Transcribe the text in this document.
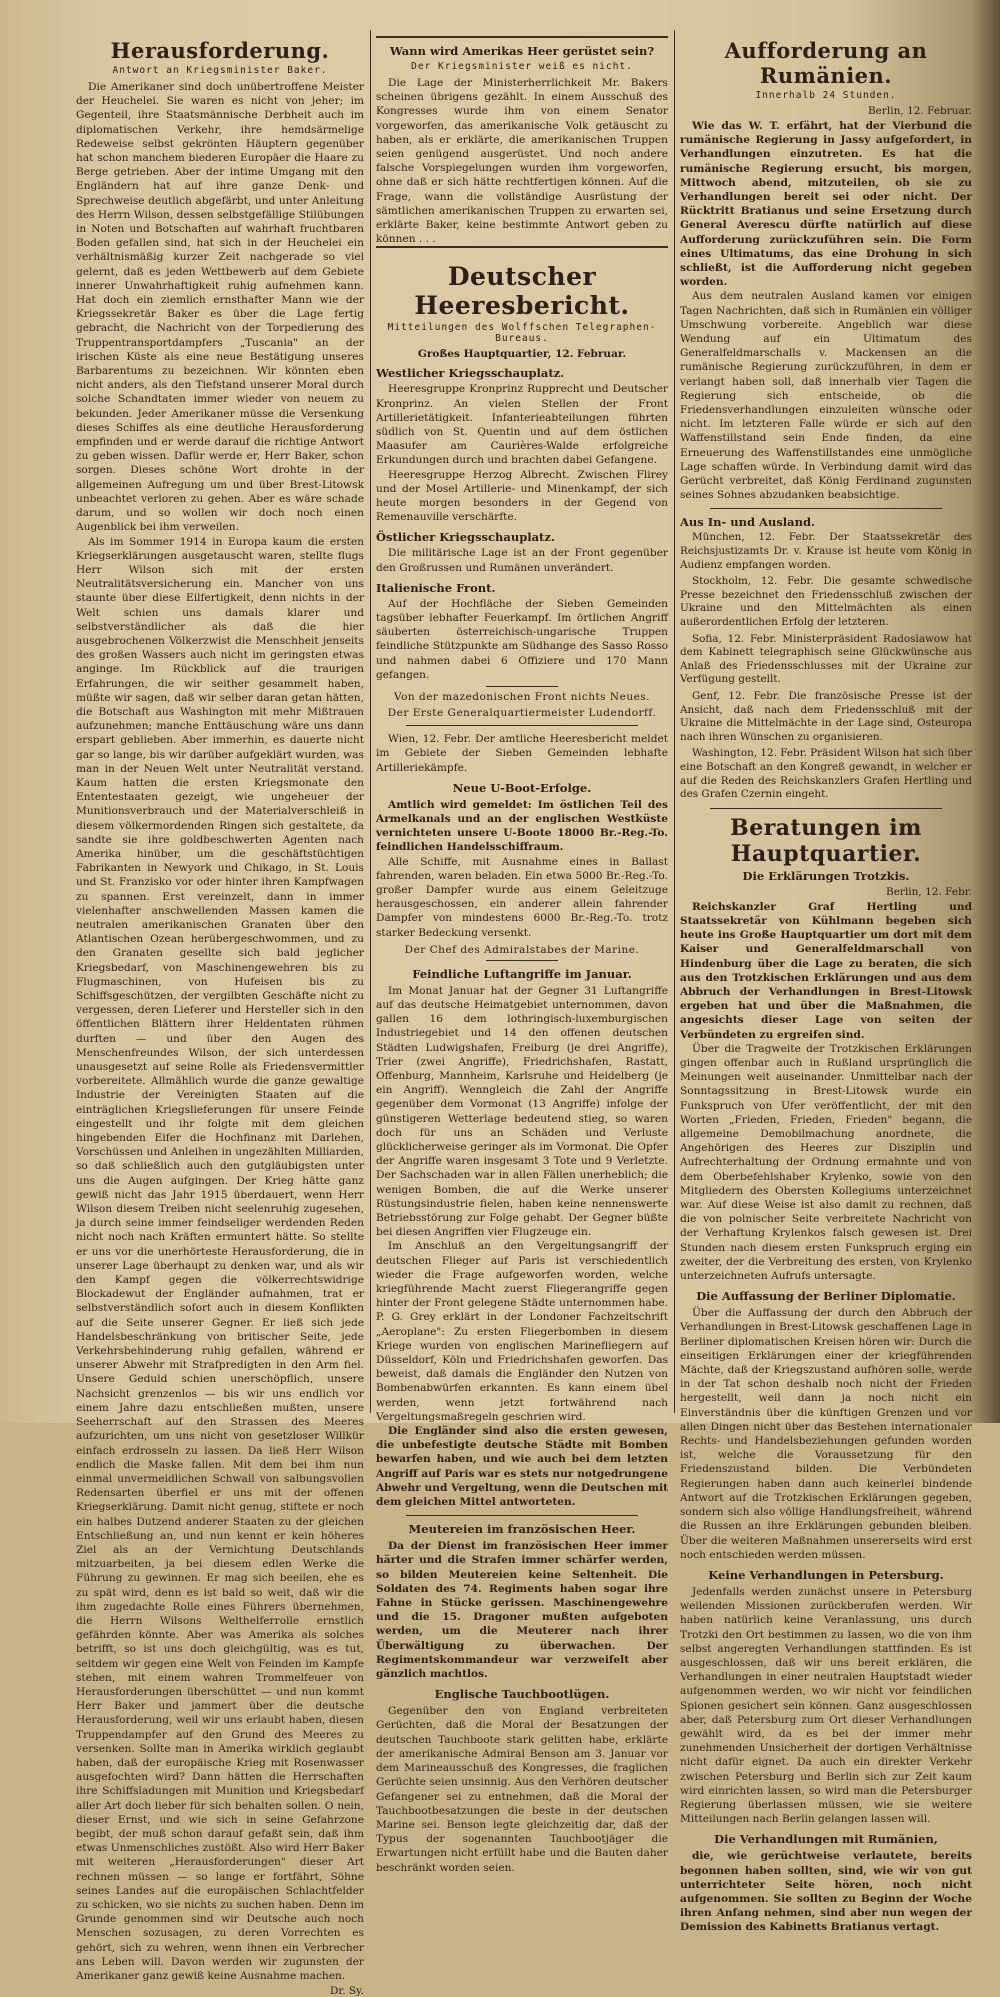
Herausforderung.
Antwort an Kriegsminister Baker.

Die Amerikaner sind doch unübertroffene Meister der Heuchelei. Sie waren es nicht von jeher; im Gegenteil, ihre Staatsmännische Derbheit auch im diplomatischen Verkehr, ihre hemdsärmelige Redeweise selbst gekrönten Häuptern gegenüber hat schon manchem biederen Europäer die Haare zu Berge getrieben. Aber der intime Umgang mit den Engländern hat auf ihre ganze Denk- und Sprechweise deutlich abgefärbt, und unter Anleitung des Herrn Wilson, dessen selbstgefällige Stilübungen in Noten und Botschaften auf wahrhaft fruchtbaren Boden gefallen sind, hat sich in der Heuchelei ein verhältnismäßig kurzer Zeit nachgerade so viel gelernt, daß es jeden Wettbewerb auf dem Gebiete innerer Unwahrhaftigkeit ruhig aufnehmen kann. Hat doch ein ziemlich ernsthafter Mann wie der Kriegssekretär Baker es über die Lage fertig gebracht, die Nachricht von der Torpedierung des Truppentransportdampfers „Tuscania" an der irischen Küste als eine neue Bestätigung unseres Barbarentums zu bezeichnen. Wir könnten eben nicht anders, als den Tiefstand unserer Moral durch solche Schandtaten immer wieder von neuem zu bekunden. Jeder Amerikaner müsse die Versenkung dieses Schiffes als eine deutliche Herausforderung empfinden und er werde darauf die richtige Antwort zu geben wissen. Dafür werde er, Herr Baker, schon sorgen. Dieses schöne Wort drohte in der allgemeinen Aufregung um und über Brest-Litowsk unbeachtet verloren zu gehen. Aber es wäre schade darum, und so wollen wir doch noch einen Augenblick bei ihm verweilen.

Als im Sommer 1914 in Europa kaum die ersten Kriegserklärungen ausgetauscht waren, stellte flugs Herr Wilson sich mit der ersten Neutralitätsversicherung ein. Mancher von uns staunte über diese Eilfertigkeit, denn nichts in der Welt schien uns damals klarer und selbstverständlicher als daß die hier ausgebrochenen Völkerzwist die Menschheit jenseits des großen Wassers auch nicht im geringsten etwas anginge. Im Rückblick auf die traurigen Erfahrungen, die wir seither gesammelt haben, müßte wir sagen, daß wir selber daran getan hätten, die Botschaft aus Washington mit mehr Mißtrauen aufzunehmen; manche Enttäuschung wäre uns dann erspart geblieben. Aber immerhin, es dauerte nicht gar so lange, bis wir darüber aufgeklärt wurden, was man in der Neuen Welt unter Neutralität verstand. Kaum hatten die ersten Kriegsmonate den Ententestaaten gezeigt, wie ungeheuer der Munitionsverbrauch und der Materialverschleiß in diesem völkermordenden Ringen sich gestaltete, da sandte sie ihre goldbeschwerten Agenten nach Amerika hinüber, um die geschäftstüchtigen Fabrikanten in Newyork und Chikago, in St. Louis und St. Franzisko vor oder hinter ihren Kampfwagen zu spannen. Erst vereinzelt, dann in immer vielenhafter anschwellenden Massen kamen die neutralen amerikanischen Granaten über den Atlantischen Ozean herübergeschwommen, und zu den Granaten gesellte sich bald jeglicher Kriegsbedarf, von Maschinengewehren bis zu Flugmaschinen, von Hufeisen bis zu Schiffsgeschützen, der vergilbten Geschäfte nicht zu vergessen, deren Lieferer und Hersteller sich in den öffentlichen Blättern ihrer Heldentaten rühmen durften — und über den Augen des Menschenfreundes Wilson, der sich unterdessen unausgesetzt auf seine Rolle als Friedensvermittler vorbereitete. Allmählich wurde die ganze gewaltige Industrie der Vereinigten Staaten auf die einträglichen Kriegslieferungen für unsere Feinde eingestellt und ihr folgte mit dem gleichen hingebenden Eifer die Hochfinanz mit Darlehen, Vorschüssen und Anleihen in ungezählten Milliarden, so daß schließlich auch den gutgläubigsten unter uns die Augen aufgingen. Der Krieg hätte ganz gewiß nicht das Jahr 1915 überdauert, wenn Herr Wilson diesem Treiben nicht seelenruhig zugesehen, ja durch seine immer feindseliger werdenden Reden nicht noch nach Kräften ermuntert hätte. So stellte er uns vor die unerhörteste Herausforderung, die in unserer Lage überhaupt zu denken war, und als wir den Kampf gegen die völkerrechtswidrige Blockadewut der Engländer aufnahmen, trat er selbstverständlich sofort auch in diesem Konflikten auf die Seite unserer Gegner. Er ließ sich jede Handelsbeschränkung von britischer Seite, jede Verkehrsbehinderung ruhig gefallen, während er unserer Abwehr mit Strafpredigten in den Arm fiel. Unsere Geduld schien unerschöpflich, unsere Nachsicht grenzenlos — bis wir uns endlich vor einem Jahre dazu entschließen mußten, unsere Seeherrschaft auf den Strassen des Meeres aufzurichten, um uns nicht von gesetzloser Willkür einfach erdrosseln zu lassen. Da ließ Herr Wilson endlich die Maske fallen. Mit dem bei ihm nun einmal unvermeidlichen Schwall von salbungsvollen Redensarten überfiel er uns mit der offenen Kriegserklärung. Damit nicht genug, stiftete er noch ein halbes Dutzend anderer Staaten zu der gleichen Entschließung an, und nun kennt er kein höheres Ziel als an der Vernichtung Deutschlands mitzuarbeiten, ja bei diesem edlen Werke die Führung zu gewinnen. Er mag sich beeilen, ehe es zu spät wird, denn es ist bald so weit, daß wir die ihm zugedachte Rolle eines Führers übernehmen, die Herrn Wilsons Welthelferrolle ernstlich gefährden könnte. Aber was Amerika als solches betrifft, so ist uns doch gleichgültig, was es tut, seitdem wir gegen eine Welt von Feinden im Kampfe stehen, mit einem wahren Trommelfeuer von Herausforderungen überschüttet — und nun kommt Herr Baker und jammert über die deutsche Herausforderung, weil wir uns erlaubt haben, diesen Truppendampfer auf den Grund des Meeres zu versenken. Sollte man in Amerika wirklich geglaubt haben, daß der europäische Krieg mit Rosenwasser ausgefochten wird? Dann hätten die Herrschaften ihre Schiffsladungen mit Munition und Kriegsbedarf aller Art doch lieber für sich behalten sollen. O nein, dieser Ernst, und wie sich in seine Gefahrzone begibt, der muß schon darauf gefaßt sein, daß ihm etwas Unmenschliches zustößt. Also wird Herr Baker mit weiteren „Herausforderungen" dieser Art rechnen müssen — so lange er fortfährt, Söhne seines Landes auf die europäischen Schlachtfelder zu schicken, wo sie nichts zu suchen haben. Denn im Grunde genommen sind wir Deutsche auch noch Menschen sozusagen, zu deren Vorrechten es gehört, sich zu wehren, wenn ihnen ein Verbrecher ans Leben will. Davon werden wir zugunsten der Amerikaner ganz gewiß keine Ausnahme machen.

Dr. Sy.
Wann wird Amerikas Heer gerüstet sein?
Der Kriegsminister weiß es nicht.

Die Lage der Ministerherrlichkeit Mr. Bakers scheinen übrigens gezählt. In einem Ausschuß des Kongresses wurde ihm von einem Senator vorgeworfen, das amerikanische Volk getäuscht zu haben, als er erklärte, die amerikanischen Truppen seien genügend ausgerüstet. Und noch andere falsche Vorspiegelungen wurden ihm vorgeworfen, ohne daß er sich hätte rechtfertigen können. Auf die Frage, wann die vollständige Ausrüstung der sämtlichen amerikanischen Truppen zu erwarten sei, erklärte Baker, keine bestimmte Antwort geben zu können . . .

Deutscher Heeresbericht.
Mitteilungen des Wolffschen Telegraphen-Bureaus.
Großes Hauptquartier, 12. Februar.
Westlicher Kriegsschauplatz.

Heeresgruppe Kronprinz Rupprecht und Deutscher Kronprinz. An vielen Stellen der Front Artillerietätigkeit. Infanterieabteilungen führten südlich von St. Quentin und auf dem östlichen Maasufer am Caurières-Walde erfolgreiche Erkundungen durch und brachten dabei Gefangene.

Heeresgruppe Herzog Albrecht. Zwischen Flirey und der Mosel Artillerie- und Minenkampf, der sich heute morgen besonders in der Gegend von Remenauville verschärfte.

Östlicher Kriegsschauplatz.

Die militärische Lage ist an der Front gegenüber den Großrussen und Rumänen unverändert.

Italienische Front.

Auf der Hochfläche der Sieben Gemeinden tagsüber lebhafter Feuerkampf. Im örtlichen Angriff säuberten österreichisch-ungarische Truppen feindliche Stützpunkte am Südhange des Sasso Rosso und nahmen dabei 6 Offiziere und 170 Mann gefangen.

Von der mazedonischen Front nichts Neues.
Der Erste Generalquartiermeister Ludendorff.

Wien, 12. Febr. Der amtliche Heeresbericht meldet im Gebiete der Sieben Gemeinden lebhafte Artilleriekämpfe.

Neue U-Boot-Erfolge.

Amtlich wird gemeldet: Im östlichen Teil des Armelkanals und an der englischen Westküste vernichteten unsere U-Boote 18000 Br.-Reg.-To. feindlichen Handelsschiffraum.

Alle Schiffe, mit Ausnahme eines in Ballast fahrenden, waren beladen. Ein etwa 5000 Br.-Reg.-To. großer Dampfer wurde aus einem Geleitzuge herausgeschossen, ein anderer allein fahrender Dampfer von mindestens 6000 Br.-Reg.-To. trotz starker Bedeckung versenkt.

Der Chef des Admiralstabes der Marine.
Feindliche Luftangriffe im Januar.

Im Monat Januar hat der Gegner 31 Luftangriffe auf das deutsche Heimatgebiet unternommen, davon gallen 16 dem lothringisch-luxemburgischen Industriegebiet und 14 den offenen deutschen Städten Ludwigshafen, Freiburg (je drei Angriffe), Trier (zwei Angriffe), Friedrichshafen, Rastatt, Offenburg, Mannheim, Karlsruhe und Heidelberg (je ein Angriff). Wenngleich die Zahl der Angriffe gegenüber dem Vormonat (13 Angriffe) infolge der günstigeren Wetterlage bedeutend stieg, so waren doch für uns an Schäden und Verluste glücklicherweise geringer als im Vormonat. Die Opfer der Angriffe waren insgesamt 3 Tote und 9 Verletzte. Der Sachschaden war in allen Fällen unerheblich; die wenigen Bomben, die auf die Werke unserer Rüstungsindustrie fielen, haben keine nennenswerte Betriebsstörung zur Folge gehabt. Der Gegner büßte bei diesen Angriffen vier Flugzeuge ein.

Im Anschluß an den Vergeltungsangriff der deutschen Flieger auf Paris ist verschiedentlich wieder die Frage aufgeworfen worden, welche kriegführende Macht zuerst Fliegerangriffe gegen hinter der Front gelegene Städte unternommen habe. P. G. Grey erklärt in der Londoner Fachzeitschrift „Aeroplane": Zu ersten Fliegerbomben in diesem Kriege wurden von englischen Marinefliegern auf Düsseldorf, Köln und Friedrichshafen geworfen. Das beweist, daß damals die Engländer den Nutzen von Bombenabwürfen erkannten. Es kann einem übel werden, wenn jetzt fortwährend nach Vergeltungsmaßregeln geschrien wird.

Die Engländer sind also die ersten gewesen, die unbefestigte deutsche Städte mit Bomben bewarfen haben, und wie auch bei dem letzten Angriff auf Paris war es stets nur notgedrungene Abwehr und Vergeltung, wenn die Deutschen mit dem gleichen Mittel antworteten.

Meutereien im französischen Heer.

Da der Dienst im französischen Heer immer härter und die Strafen immer schärfer werden, so bilden Meutereien keine Seltenheit. Die Soldaten des 74. Regiments haben sogar ihre Fahne in Stücke gerissen. Maschinengewehre und die 15. Dragoner mußten aufgeboten werden, um die Meuterer nach ihrer Überwältigung zu überwachen. Der Regimentskommandeur war verzweifelt aber gänzlich machtlos.

Englische Tauchbootlügen.

Gegenüber den von England verbreiteten Gerüchten, daß die Moral der Besatzungen der deutschen Tauchboote stark gelitten habe, erklärte der amerikanische Admiral Benson am 3. Januar vor dem Marineausschuß des Kongresses, die fraglichen Gerüchte seien unsinnig. Aus den Verhören deutscher Gefangener sei zu entnehmen, daß die Moral der Tauchbootbesatzungen die beste in der deutschen Marine sei. Benson legte gleichzeitig dar, daß der Typus der sogenannten Tauchbootjäger die Erwartungen nicht erfüllt habe und die Bauten daher beschränkt worden seien.

Aufforderung an Rumänien.
Innerhalb 24 Stunden.
Berlin, 12. Februar.

Wie das W. T. erfährt, hat der Vierbund die rumänische Regierung in Jassy aufgefordert, in Verhandlungen einzutreten. Es hat die rumänische Regierung ersucht, bis morgen, Mittwoch abend, mitzuteilen, ob sie zu Verhandlungen bereit sei oder nicht. Der Rücktritt Bratianus und seine Ersetzung durch General Averescu dürfte natürlich auf diese Aufforderung zurückzuführen sein. Die Form eines Ultimatums, das eine Drohung in sich schließt, ist die Aufforderung nicht gegeben worden.

Aus dem neutralen Ausland kamen vor einigen Tagen Nachrichten, daß sich in Rumänien ein völliger Umschwung vorbereite. Angeblich war diese Wendung auf ein Ultimatum des Generalfeldmarschalls v. Mackensen an die rumänische Regierung zurückzuführen, in dem er verlangt haben soll, daß innerhalb vier Tagen die Regierung sich entscheide, ob die Friedensverhandlungen einzuleiten wünsche oder nicht. Im letzteren Falle würde er sich auf den Waffenstillstand sein Ende finden, da eine Erneuerung des Waffenstillstandes eine unmögliche Lage schaffen würde. In Verbindung damit wird das Gerücht verbreitet, daß König Ferdinand zugunsten seines Sohnes abzudanken beabsichtige.

Aus In- und Ausland.

München, 12. Febr. Der Staatssekretär des Reichsjustizamts Dr. v. Krause ist heute vom König in Audienz empfangen worden.

Stockholm, 12. Febr. Die gesamte schwedische Presse bezeichnet den Friedensschluß zwischen der Ukraine und den Mittelmächten als einen außerordentlichen Erfolg der letzteren.

Sofia, 12. Febr. Ministerpräsident Radoslawow hat dem Kabinett telegraphisch seine Glückwünsche aus Anlaß des Friedensschlusses mit der Ukraine zur Verfügung gestellt.

Genf, 12. Febr. Die französische Presse ist der Ansicht, daß nach dem Friedensschluß mit der Ukraine die Mittelmächte in der Lage sind, Osteuropa nach ihren Wünschen zu organisieren.

Washington, 12. Febr. Präsident Wilson hat sich über eine Botschaft an den Kongreß gewandt, in welcher er auf die Reden des Reichskanzlers Grafen Hertling und des Grafen Czernin eingeht.

Beratungen im Hauptquartier.
Die Erklärungen Trotzkis.
Berlin, 12. Febr.

Reichskanzler Graf Hertling und Staatssekretär von Kühlmann begeben sich heute ins Große Hauptquartier um dort mit dem Kaiser und Generalfeldmarschall von Hindenburg über die Lage zu beraten, die sich aus den Trotzkischen Erklärungen und aus dem Abbruch der Verhandlungen in Brest-Litowsk ergeben hat und über die Maßnahmen, die angesichts dieser Lage von seiten der Verbündeten zu ergreifen sind.

Über die Tragweite der Trotzkischen Erklärungen gingen offenbar auch in Rußland ursprünglich die Meinungen weit auseinander. Unmittelbar nach der Sonntagssitzung in Brest-Litowsk wurde ein Funkspruch von Ufer veröffentlicht, der mit den Worten „Frieden, Frieden, Frieden" begann, die allgemeine Demobilmachung anordnete, die Angehörigen des Heeres zur Disziplin und Aufrechterhaltung der Ordnung ermahnte und von dem Oberbefehlshaber Krylenko, sowie von den Mitgliedern des Obersten Kollegiums unterzeichnet war. Auf diese Weise ist also damit zu rechnen, daß die von polnischer Seite verbreitete Nachricht von der Verhaftung Krylenkos falsch gewesen ist. Drei Stunden nach diesem ersten Funkspruch erging ein zweiter, der die Verbreitung des ersten, von Krylenko unterzeichneten Aufrufs untersagte.

Die Auffassung der Berliner Diplomatie.

Über die Auffassung der durch den Abbruch der Verhandlungen in Brest-Litowsk geschaffenen Lage in Berliner diplomatischen Kreisen hören wir: Durch die einseitigen Erklärungen einer der kriegführenden Mächte, daß der Kriegszustand aufhören solle, werde in der Tat schon deshalb noch nicht der Frieden hergestellt, weil dann ja noch nicht ein Einverständnis über die künftigen Grenzen und vor allen Dingen nicht über das Bestehen internationaler Rechts- und Handelsbeziehungen gefunden worden ist, welche die Voraussetzung für den Friedenszustand bilden. Die Verbündeten Regierungen haben dann auch keinerlei bindende Antwort auf die Trotzkischen Erklärungen gegeben, sondern sich also völlige Handlungsfreiheit, während die Russen an ihre Erklärungen gebunden bleiben. Über die weiteren Maßnahmen unsererseits wird erst noch entschieden werden müssen.

Keine Verhandlungen in Petersburg.

Jedenfalls werden zunächst unsere in Petersburg weilenden Missionen zurückberufen werden. Wir haben natürlich keine Veranlassung, uns durch Trotzki den Ort bestimmen zu lassen, wo die von ihm selbst angeregten Verhandlungen stattfinden. Es ist ausgeschlossen, daß wir uns bereit erklären, die Verhandlungen in einer neutralen Hauptstadt wieder aufgenommen werden, wo wir nicht vor feindlichen Spionen gesichert sein können. Ganz ausgeschlossen aber, daß Petersburg zum Ort dieser Verhandlungen gewählt wird, da es bei der immer mehr zunehmenden Unsicherheit der dortigen Verhältnisse nicht dafür eignet. Da auch ein direkter Verkehr zwischen Petersburg und Berlin sich zur Zeit kaum wird einrichten lassen, so wird man die Petersburger Regierung überlassen müssen, wie sie weitere Mitteilungen nach Berlin gelangen lassen will.

Die Verhandlungen mit Rumänien,

die, wie gerüchtweise verlautete, bereits begonnen haben sollten, sind, wie wir von gut unterrichteter Seite hören, noch nicht aufgenommen. Sie sollten zu Beginn der Woche ihren Anfang nehmen, sind aber nun wegen der Demission des Kabinetts Bratianus vertagt.
